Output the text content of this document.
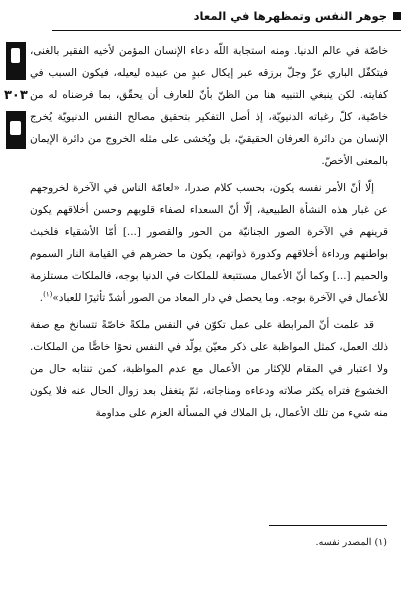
جوهر النفس وتمظهرها في المعاد
٣٠٣

خاصّة في عالم الدنيا. ومنه استجابة اللّه دعاء الإنسان المؤمن لأخيه الفقير بالغنى، فيتكفّل الباري عزّ وجلّ برزقه عبر إيكال عبدٍ من عبيده ليعيله، فيكون السبب في كفايته. لكن ينبغي التنبيه هنا من الظنّ بأنّ للعارف أن يحقّق، بما فرضناه له من خاصّية، كلّ رغباته الدنيويّة، إذ أصل التفكير بتحقيق مصالح النفس الدنيويّة يُخرج الإنسان من دائرة العرفان الحقيقيّ، بل ويُخشى على مثله الخروج من دائرة الإيمان بالمعنى الأخصّ.

إلّا أنّ الأمر نفسه يكون، بحسب كلام صدرا، «لعامّة الناس في الآخرة لخروجهم عن غبار هذه النشأة الطبيعية، إلّا أنّ السعداء لصفاء قلوبهم وحسن أخلاقهم يكون قرينهم في الآخرة الصور الجنانيّة من الحور والقصور [...] أمّا الأشقياء فلخبث بواطنهم ورداءة أخلاقهم وكدورة ذواتهم، يكون ما حضرهم في القيامة النار السموم والحميم [...] وكما أنّ الأعمال مستتبعة للملكات في الدنيا بوجه، فالملكات مستلزمة للأعمال في الآخرة بوجه. وما يحصل في دار المعاد من الصور أشدّ تأثيرًا للعباد»$^{(١)}$.

قد علمت أنّ المرابطة على عمل تكوّن في النفس ملكةً خاصّةً تتسانخ مع صفة ذلك العمل، كمثل المواظبة على ذكر معيّن يولّد في النفس نحوًا خاصًّا من الملكات. ولا اعتبار في المقام للإكثار من الأعمال مع عدم المواظبة، كمن تنتابه حال من الخشوع فتراه يكثر صلاته ودعاءه ومناجاته، ثمّ يتغفل بعد زوال الحال عنه فلا يكون منه شيء من تلك الأعمال، بل الملاك في المسألة العزم على مداومة

(١) المصدر نفسه.
